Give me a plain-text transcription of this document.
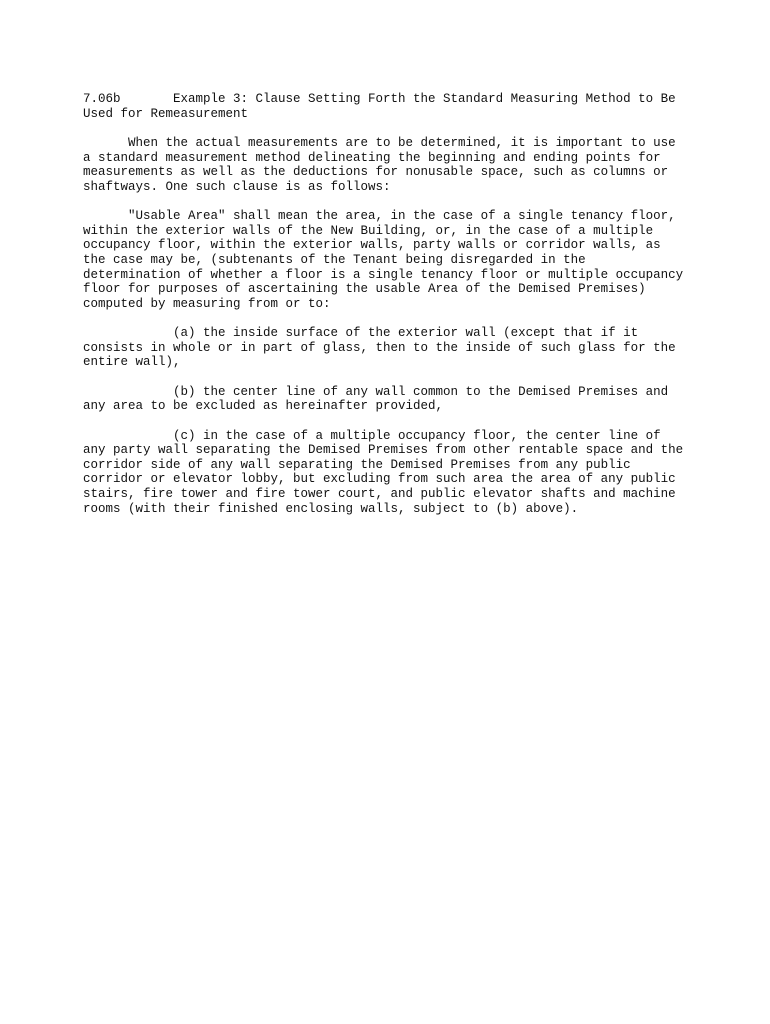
7.06b       Example 3: Clause Setting Forth the Standard Measuring Method to Be
Used for Remeasurement
When the actual measurements are to be determined, it is important to use
a standard measurement method delineating the beginning and ending points for
measurements as well as the deductions for nonusable space, such as columns or
shaftways. One such clause is as follows:
"Usable Area" shall mean the area, in the case of a single tenancy floor,
within the exterior walls of the New Building, or, in the case of a multiple
occupancy floor, within the exterior walls, party walls or corridor walls, as
the case may be, (subtenants of the Tenant being disregarded in the
determination of whether a floor is a single tenancy floor or multiple occupancy
floor for purposes of ascertaining the usable Area of the Demised Premises)
computed by measuring from or to:
(a) the inside surface of the exterior wall (except that if it
consists in whole or in part of glass, then to the inside of such glass for the
entire wall),
(b) the center line of any wall common to the Demised Premises and
any area to be excluded as hereinafter provided,
(c) in the case of a multiple occupancy floor, the center line of
any party wall separating the Demised Premises from other rentable space and the
corridor side of any wall separating the Demised Premises from any public
corridor or elevator lobby, but excluding from such area the area of any public
stairs, fire tower and fire tower court, and public elevator shafts and machine
rooms (with their finished enclosing walls, subject to (b) above).
